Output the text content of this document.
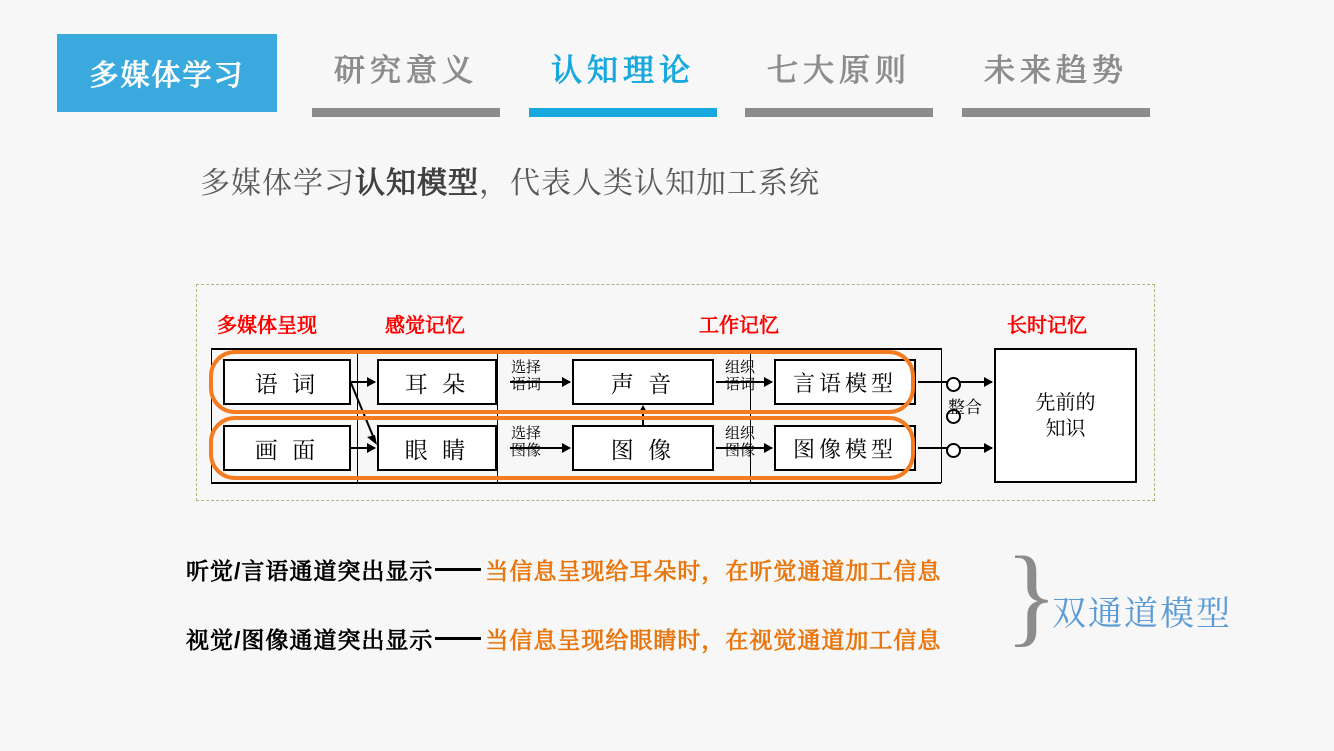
多媒体学习	研究意义	认知理论	七大原则	未来趋势
多媒体学习认知模型，代表人类认知加工系统
多媒体呈现	感觉记忆	工作记忆	长时记忆
语 词	耳 朵	声 音	言语模型
画 面	眼 睛	图 像	图像模型
先前的
知识
选择
语词
选择
图像
组织
语词
组织
图像
整合
听觉/言语通道突出显示 当信息呈现给耳朵时，在听觉通道加工信息
视觉/图像通道突出显示 当信息呈现给眼睛时，在视觉通道加工信息 }
双通道模型
